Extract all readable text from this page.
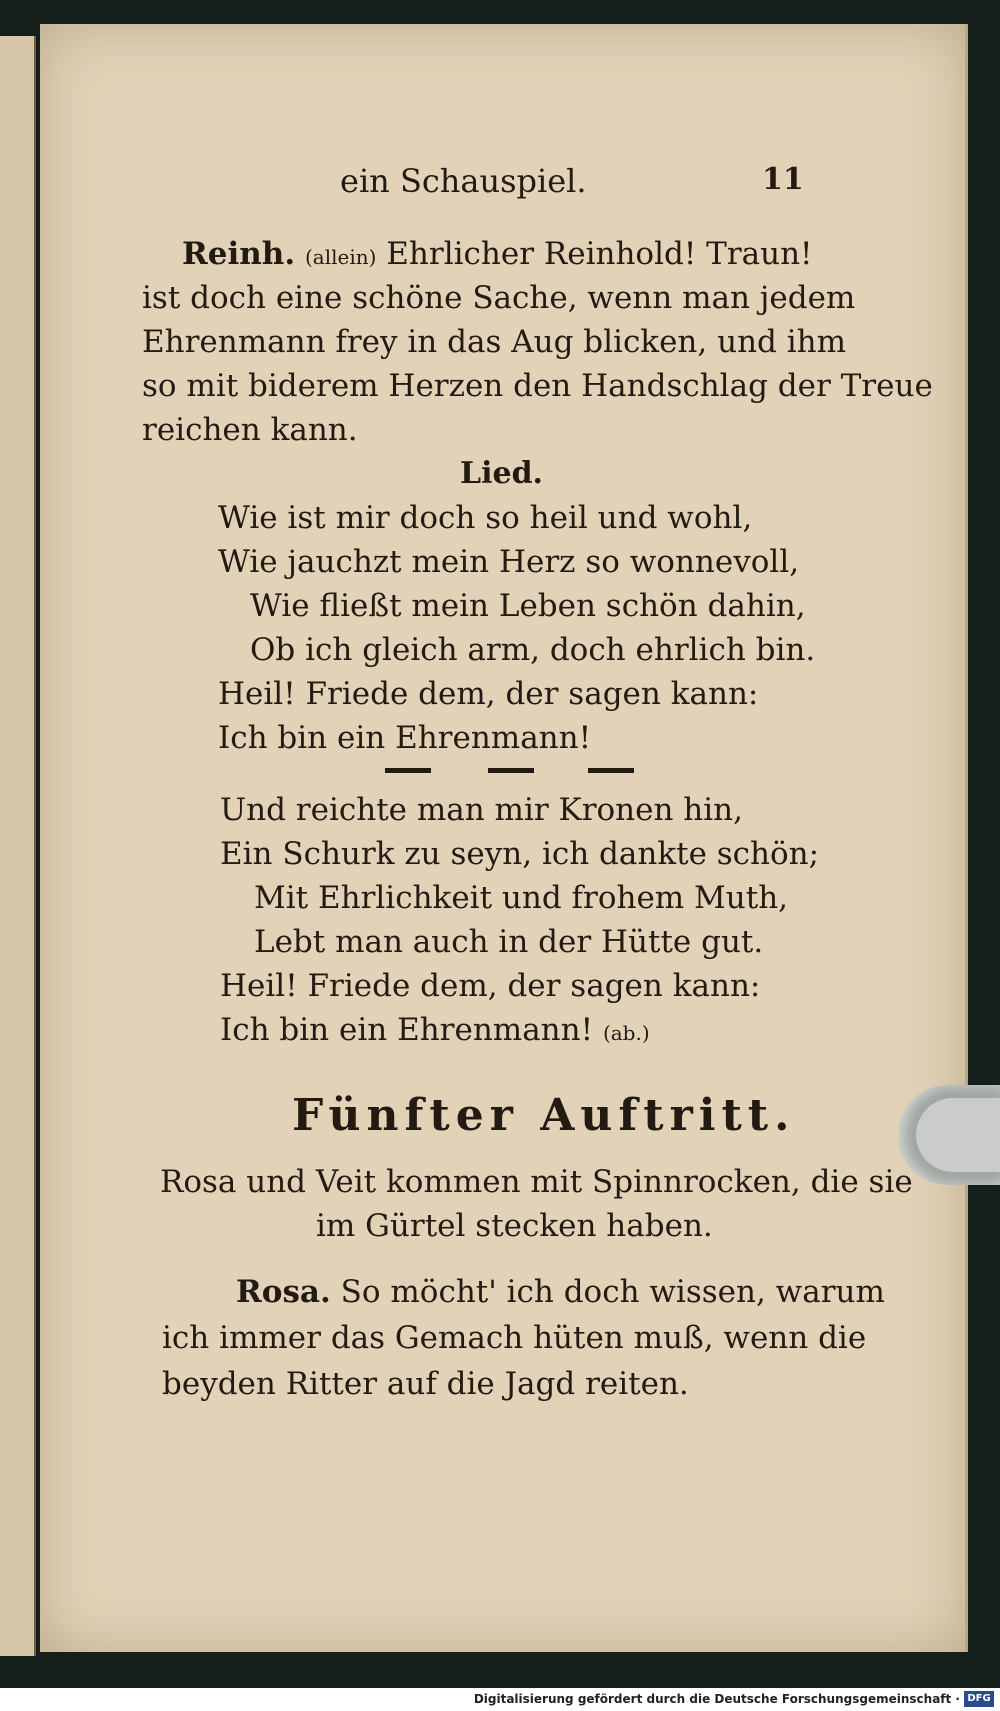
ein Schauspiel.	11
Reinh. (allein) Ehrlicher Reinhold! Traun!
ist doch eine schöne Sache, wenn man jedem
Ehrenmann frey in das Aug blicken, und ihm
so mit biderem Herzen den Handschlag der Treue
reichen kann.
Lied.
Wie ist mir doch so heil und wohl,
Wie jauchzt mein Herz so wonnevoll,
Wie fließt mein Leben schön dahin,
Ob ich gleich arm, doch ehrlich bin.
Heil! Friede dem, der sagen kann:
Ich bin ein Ehrenmann!
Und reichte man mir Kronen hin,
Ein Schurk zu seyn, ich dankte schön;
Mit Ehrlichkeit und frohem Muth,
Lebt man auch in der Hütte gut.
Heil! Friede dem, der sagen kann:
Ich bin ein Ehrenmann! (ab.)
Fünfter Auftritt.
Rosa und Veit kommen mit Spinnrocken, die sie
im Gürtel stecken haben.
Rosa. So möcht' ich doch wissen, warum
ich immer das Gemach hüten muß, wenn die
beyden Ritter auf die Jagd reiten.
Digitalisierung gefördert durch die Deutsche Forschungsgemeinschaft · DFG
